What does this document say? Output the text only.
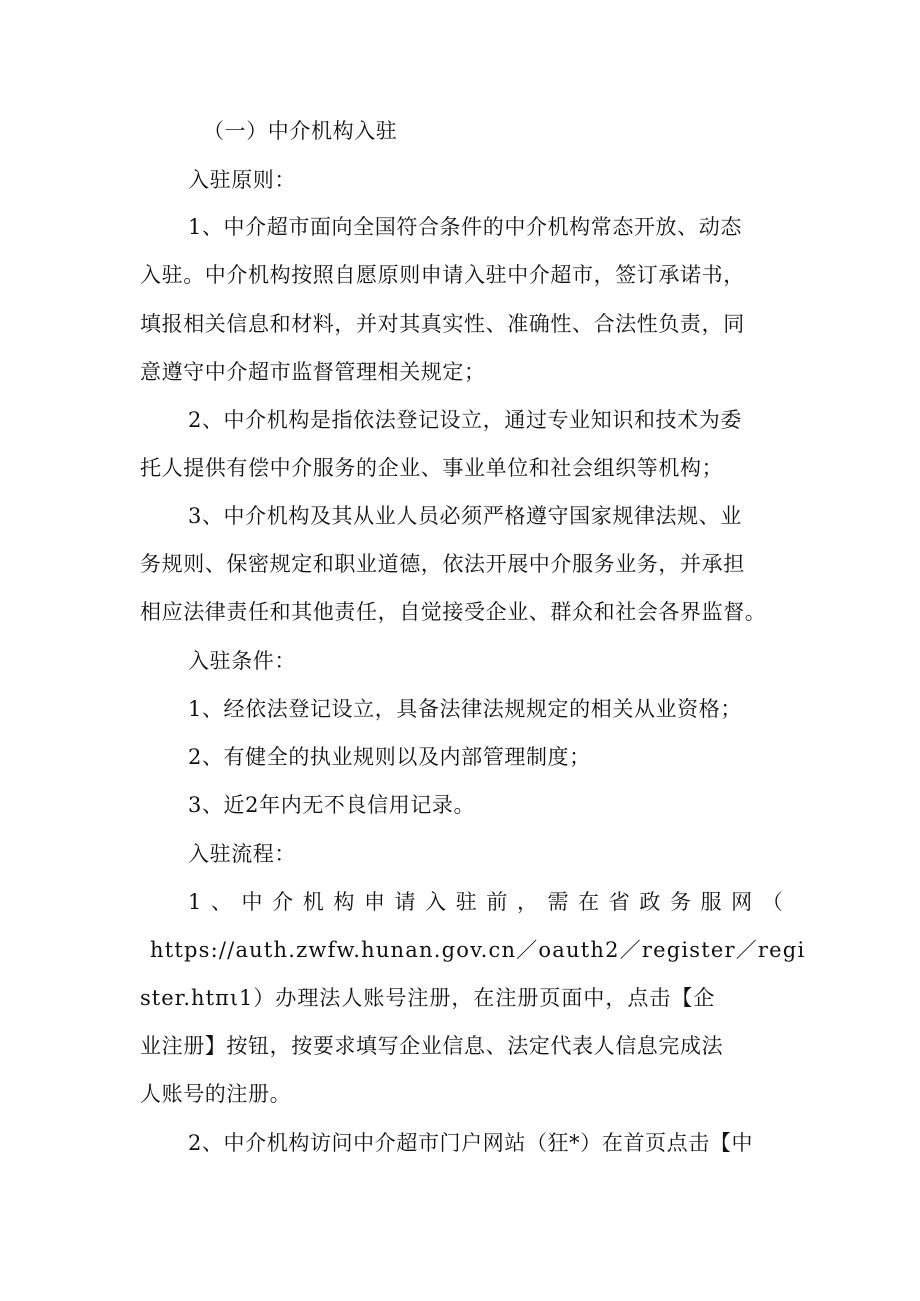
（一）中介机构入驻
入驻原则：
1、中介超市面向全国符合条件的中介机构常态开放、动态
入驻。中介机构按照自愿原则申请入驻中介超市，签订承诺书，
填报相关信息和材料，并对其真实性、准确性、合法性负责，同
意遵守中介超市监督管理相关规定；
2、中介机构是指依法登记设立，通过专业知识和技术为委
托人提供有偿中介服务的企业、事业单位和社会组织等机构；
3、中介机构及其从业人员必须严格遵守国家规律法规、业
务规则、保密规定和职业道德，依法开展中介服务业务，并承担
相应法律责任和其他责任，自觉接受企业、群众和社会各界监督。
入驻条件：
1、经依法登记设立，具备法律法规规定的相关从业资格；
2、有健全的执业规则以及内部管理制度；
3、近2年内无不良信用记录。
入驻流程：
1、中介机构申请入驻前，需在省政务服网（
https://auth.zwfw.hunan.gov.cn／oauth2／register／regi
ster.htπι1）办理法人账号注册，在注册页面中，点击【企
业注册】按钮，按要求填写企业信息、法定代表人信息完成法
人账号的注册。
2、中介机构访问中介超市门户网站（狂*）在首页点击【中
